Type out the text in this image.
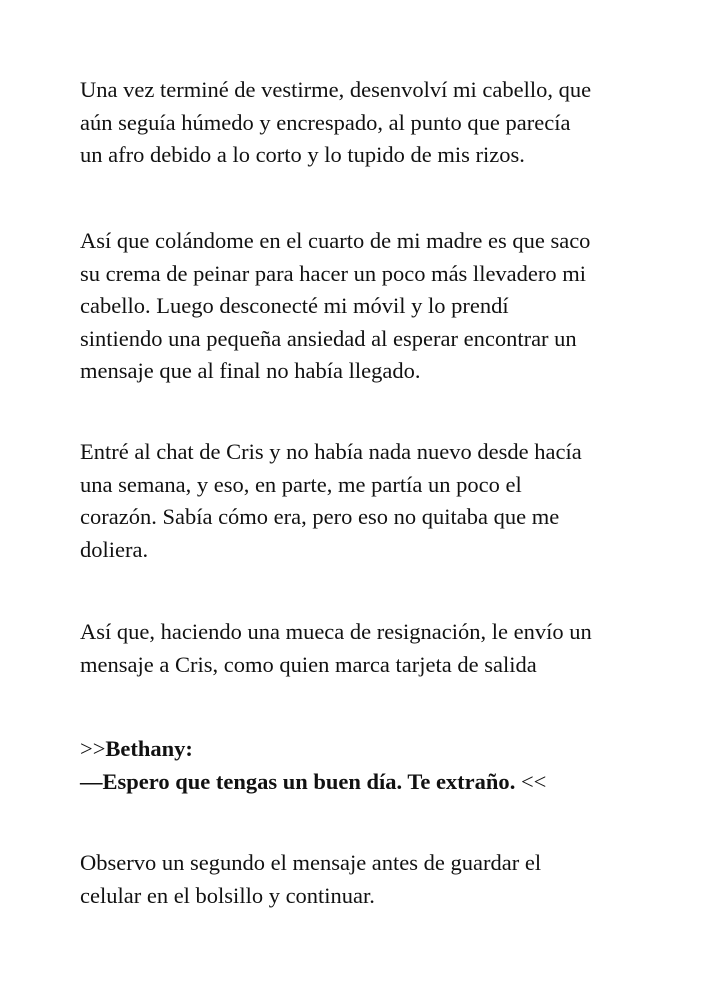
Una vez terminé de vestirme, desenvolví mi cabello, que
aún seguía húmedo y encrespado, al punto que parecía
un afro debido a lo corto y lo tupido de mis rizos.

Así que colándome en el cuarto de mi madre es que saco
su crema de peinar para hacer un poco más llevadero mi
cabello. Luego desconecté mi móvil y lo prendí
sintiendo una pequeña ansiedad al esperar encontrar un
mensaje que al final no había llegado.

Entré al chat de Cris y no había nada nuevo desde hacía
una semana, y eso, en parte, me partía un poco el
corazón. Sabía cómo era, pero eso no quitaba que me
doliera.

Así que, haciendo una mueca de resignación, le envío un
mensaje a Cris, como quien marca tarjeta de salida

>>Bethany:
—Espero que tengas un buen día. Te extraño. <<

Observo un segundo el mensaje antes de guardar el
celular en el bolsillo y continuar.
